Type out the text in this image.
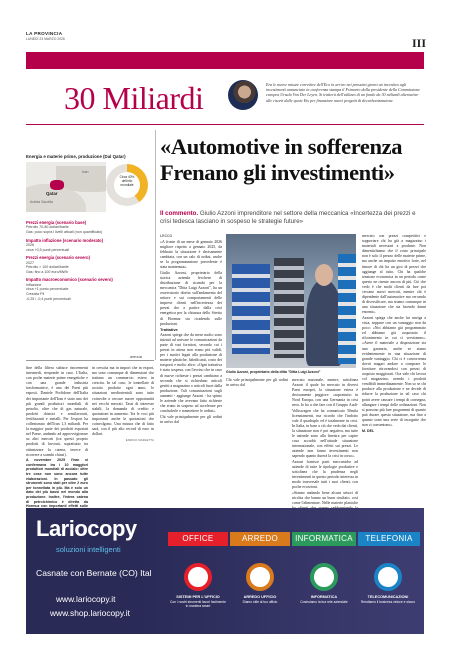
LA PROVINCIA
LUNEDÌ 23 MARZO 2026	III
30 Miliardi	Era le nuove misure correttive dell'Eco in arrivo nei prossimi giorni un incentivo agli investimenti annunciato in conferenza stampa il Frimario dalla presidente della Commissione europea Ursula Von Der Leyen. Si tratterà dell'utilizzo di un fondo da 30 miliardi alternative alle risorti dalle quote Ets per finanziare nuovi progetti di decarbonizzazione.
Energia e materie prime, produzione (Dal Qatar)
Qatar
Iran
Arabia Saudita
Circa 40% dell'elio mondiale
Prezzi energia (scenario base)
Petrolio 70-80 dollari/barile
Gas: poco sopra i livelli attuali (non quantificato)
Impatto inflazione (scenario moderato)
2026
circa +0,5 punti percentuali
Prezzi energia (scenario severo)
2027
Petrolio > 100 dollari/barile
Gas: fino a 100 euro/MWh
Impatto macroeconomico (scenario severo)
Inflazione
circa +1 punto percentuale
Crescita Pil
-0,25 / -0,4 punti percentuali
WITHUB
«Automotive in sofferenza
Frenano gli investimenti»
Il commento. Giulio Azzoni imprenditore nel settore della meccanica «Incertezza dei prezzi e crisi tedesca lasciano in sospeso le strategie future»

LECCO

«A fronte di un mese di gennaio 2026 migliore rispetto a gennaio 2025, da febbraio la situazione è decisamente cambiata, con un calo di ordini, anche se la programmazione precedente è stata mantenuta».

Giulio Azzoni, proprietario della storica azienda lecchese di distribuzione di ricambi per la meccanica "Ditta Luigi Azzoni", ha un osservatorio diretto sull'andamento del settore e sui comportamenti delle imprese clienti nell'incertezza dei prezzi che a partire dalla crisi energetica per la chiusura dello Stretto di Hormuz sta ricadendo sulle produzioni.

Trattative

Azzoni spiega che da mese molto sono iniziati ad arrivare le comunicazioni da parte di vari fornitori, secondo cui i prezzi in attesa non erano più validi, per i motivi legati alla produzione di materie plastiche, lubrificanti, costo dei trasporti e molto altro: «Ogni trattativa è stata sospesa, con l'avviso che in caso di nuove richieste i prezzi cambiano a seconda che si richiedano articoli gestiti a magazzino o articoli fuori dalla produzione. Tali comunicazioni sugli aumenti - aggiunge Azzoni - ha spinto le aziende che avevano fatto richieste che erano in sospeso ad accelerare per concluderle e trasmettere le ordini».

Chi vale principalmente per gli ordini in arrivo dal

Giulio Azzoni, proprietario della ditta "Ditta Luigi Azzoni"

mercato nazionale, mentre, sottolinea Azzoni il quale ha mercato in diversi Paesi europei, la situazione estera è decisamente peggiore: «soprattutto in Nord Europa, con una Germania in crisi nera. Io ho a che fare con il Gruppo Audi-Volkswagen che ha comunicato 50mila licenziamenti, ma ricordo che l'indotto vale il quadruplo ed è totalmente in crisi. In Italia, in base a ciò che vedo dai clienti, la situazione non è poi negativa, ma tutte le aziende sono alla finestra per capire cosa accadrà nell'attuale situazione internazionale, con effetti sui prezzi. Le aziende non fanno investimenti non sapendo quanto durerà la crisi in corso».

Azzoni fornisce parti meccaniche ad aziende di tutte le tipologie produttive e sottolinea che la prudenza negli investimenti in questo periodo interessa in modo trasversale tutti i suoi clienti, con poche eccezioni.

«Stanno andando bene alcuni settori di nicchia che hanno un buon risultato, così come l'alimentare. Nelle materie plastiche

Chi vale principalmente per gli ordini in arrivo dal

mercato con prezzi competitivi e sopportare chi ha già a magazzino i materiali necessari a produrre. Non dimentichiamo che il costo principale non è solo il prezzo delle materie prime, ma anche un impatto emotivo forte, nel timore di chi ha un giro di prezzi che aggiunge al tutto. Chi ha qualche tensione economica in un periodo come questo ne risente ancora di più. Ciò che vedo è che molti clienti da fare poi cercano nuovi mercati, mentre chi è dipendente dall'automotive ma cercando di diversificare, ma stiamo comunque in una situazione che sta facendo danni enormi».

Azzoni spiega che anche lui naviga a vista, seppure con un vantaggio non da poco: «Noi abbiamo già programmato ed abbiamo già acquistato il rifornimento in cui ci serviranno». «Avere il materiale a disposizione sia una garanzia, anche se siamo evidentemente in una situazione di grande vantaggio. Chi ci è concorrenza dovrà magari andare a comprare le forniture ritrovandosi con prezzi di acquisto maggiorati. Ora vale chi lavora col magazzino, avendo i prodotti vendibili immediatamente. Non so se chi produce alla produzione e ne decide di ridurre la produzione in tal caso chi potrà avere causare i tempi di consegna, allungare i tempi delle ordinazioni. Non si possono più fare programmi di quanto può durare questa situazione, ma fino a quanto sono una serie di incognite che non ci consentono».

M. DEL

fine della filiera subisce rincrementi intermedi, riesponde in caso. L'Italia, con poche materie prime energetiche e con una grande industria trasformatrice, è uno dei Paesi più esposti. Daniele Porfidone dell'Italia dei importante dell'Iran è stato uno dei più grandi produttori mondiali di petrolio, oltre che di gas naturale, prodotti chimici e semilavorati, fertilizzanti e metalli. Per l'export ha collezionato dell'Iran 1,3 miliardi. Per la maggior parte dei prodotti esportati nel Paese, andando ad approvvigionare su altri mercati (tra questi proprio prodotti di lavorati, soprattutto tra ottimizzare la catena, invece di ricorrere a scambi chiusi).

A novembre 2025 l'Iran si confermava tra i 10 maggiori produttori mondiali di acciaio: oltre tre cose non sono ancora tutte elaborazioni. In passato gli strumenti sono stati per oltre 2 euro per tonnellata in più. Ma è solo un dato dei più bassi nel mondo alla produzione. Inoltre, l'intera catena di petrolchimico è diretta da Hormuz con importanti effetti sulle

in crescita ma in import che in export, ma sono comunque di dimensioni che trattano un commercio estero in crescita. In tal caso, le tonnellate di acciaio prodotte ogni anno, le situazioni mediorientali sono tutte coinvolte a cercare nuove opportunità nei vecchi mercati. Tassi di interesse stabili, la domanda di credito e quotazioni in aumento. Tra le voci più importanti anche le quotazioni che coinvolgono. Una misura che di fatto sarà, con il più alto record di euro in dollari.

ENRICO MARLETTA

Lariocopy
soluzioni intelligenti
Casnate con Bernate (CO) Ital
www.lariocopy.it
www.shop.lariocopy.it
OFFICE	ARREDO	INFORMATICA	TELEFONIA
SISTEMI PER L'UFFICIO
Con i nostri strumenti lavori facilmente in maniera smart
ARREDO UFFICIO
Diamo stile al tuo ufficio
INFORMATICA
Costruiamo la tua rete aziendale
TELECOMUNICAZIONI
Rendiamo il business veloce e sicuro
